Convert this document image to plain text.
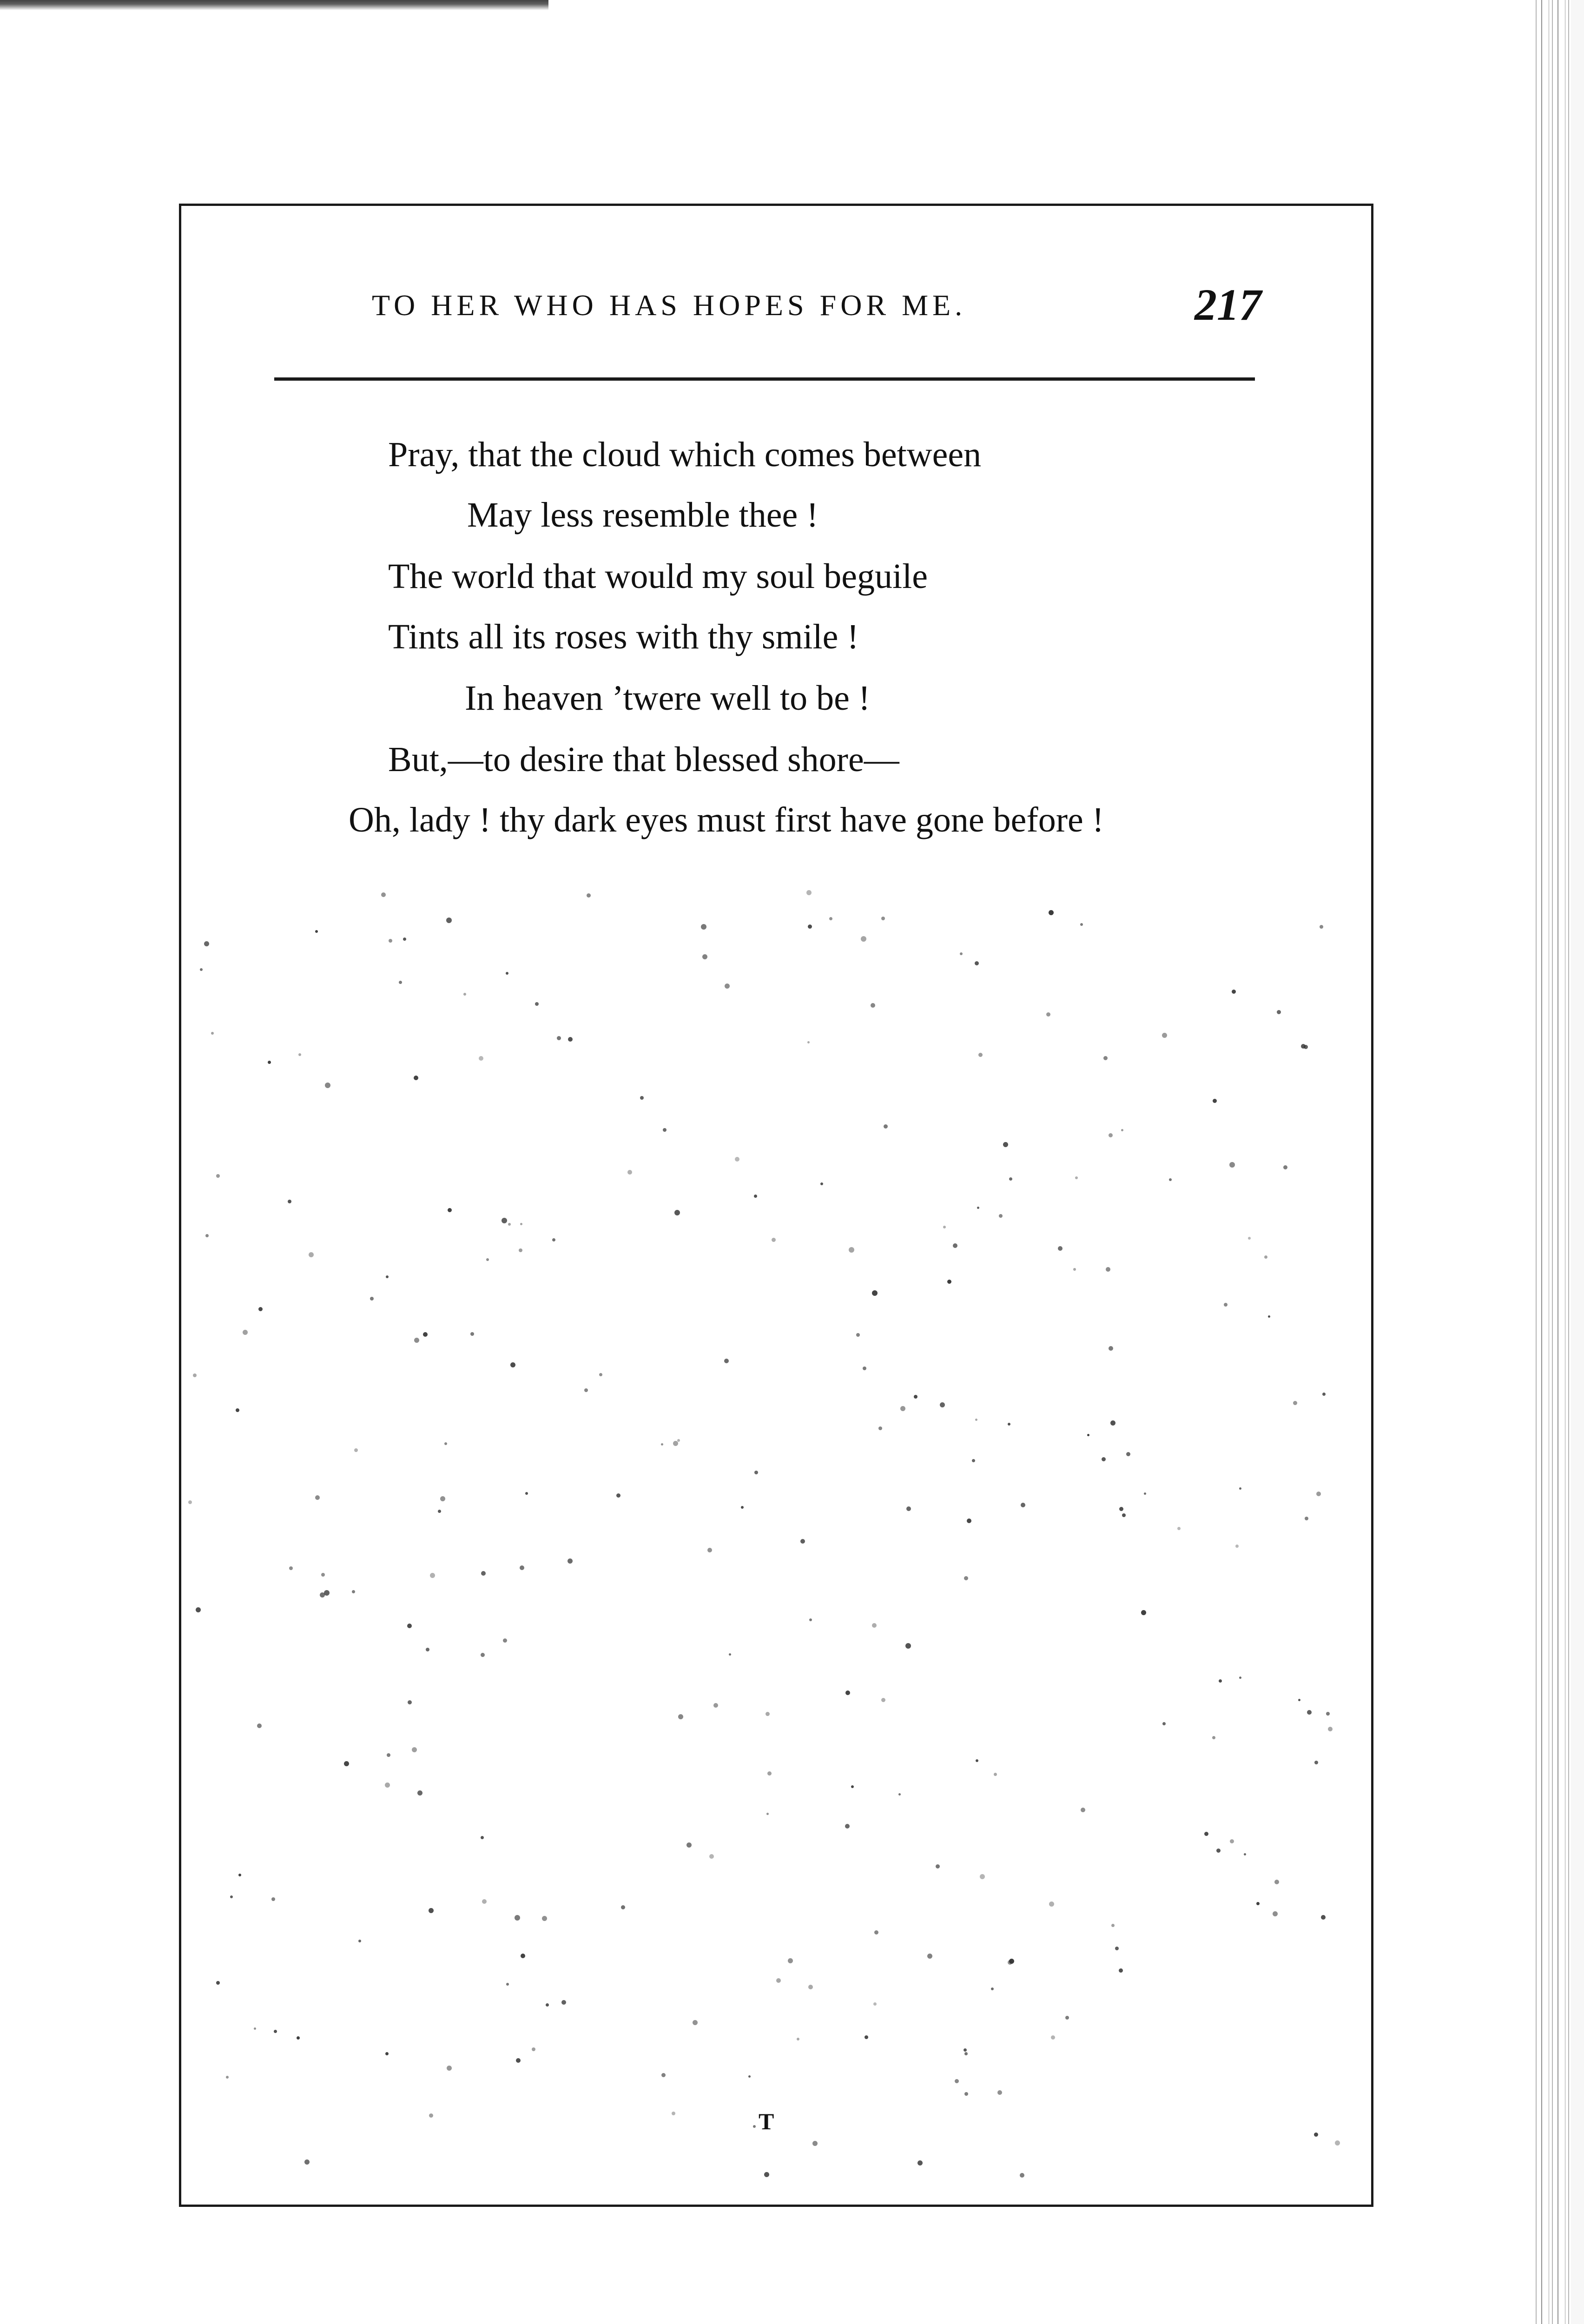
TO HER WHO HAS HOPES FOR ME.	217
Pray, that the cloud which comes between
May less resemble thee !
The world that would my soul beguile
Tints all its roses with thy smile !
In heaven ’twere well to be !
But,—to desire that blessed shore—
Oh, lady ! thy dark eyes must first have gone before !
T
